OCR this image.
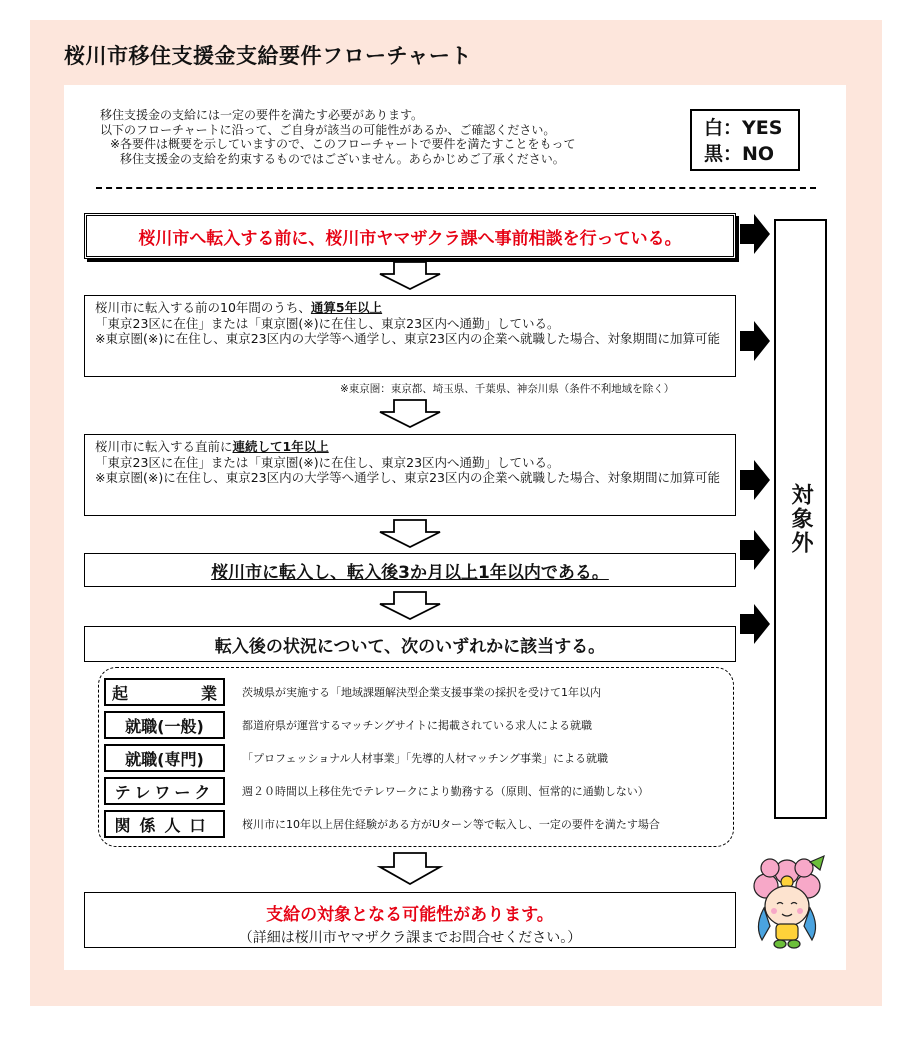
桜川市移住支援金支給要件フローチャート
移住支援金の支給には一定の要件を満たす必要があります。
以下のフローチャートに沿って、ご自身が該当の可能性があるか、ご確認ください。
※各要件は概要を示していますので、このフローチャートで要件を満たすことをもって
移住支援金の支給を約束するものではございません。あらかじめご了承ください。
白：YES
黒：NO
桜川市へ転入する前に、桜川市ヤマザクラ課へ事前相談を行っている。
桜川市に転入する前の10年間のうち、通算5年以上
「東京23区に在住」または「東京圏(※)に在住し、東京23区内へ通勤」している。
※東京圏(※)に在住し、東京23区内の大学等へ通学し、東京23区内の企業へ就職した場合、対象期間に加算可能
※東京圏：東京都、埼玉県、千葉県、神奈川県（条件不利地域を除く）
桜川市に転入する直前に連続して1年以上
「東京23区に在住」または「東京圏(※)に在住し、東京23区内へ通勤」している。
※東京圏(※)に在住し、東京23区内の大学等へ通学し、東京23区内の企業へ就職した場合、対象期間に加算可能
桜川市に転入し、転入後3か月以上1年以内である。
転入後の状況について、次のいずれかに該当する。
起	業 茨城県が実施する「地域課題解決型企業支援事業の採択を受けて1年以内
就職(一般)	都道府県が運営するマッチングサイトに掲載されている求人による就職
就職(専門)	「プロフェッショナル人材事業」「先導的人材マッチング事業」による就職
テレワーク	週２０時間以上移住先でテレワークにより勤務する（原則、恒常的に通勤しない）
関係人口	桜川市に10年以上居住経験がある方がUターン等で転入し、一定の要件を満たす場合
対象外
支給の対象となる可能性があります。
（詳細は桜川市ヤマザクラ課までお問合せください。）
